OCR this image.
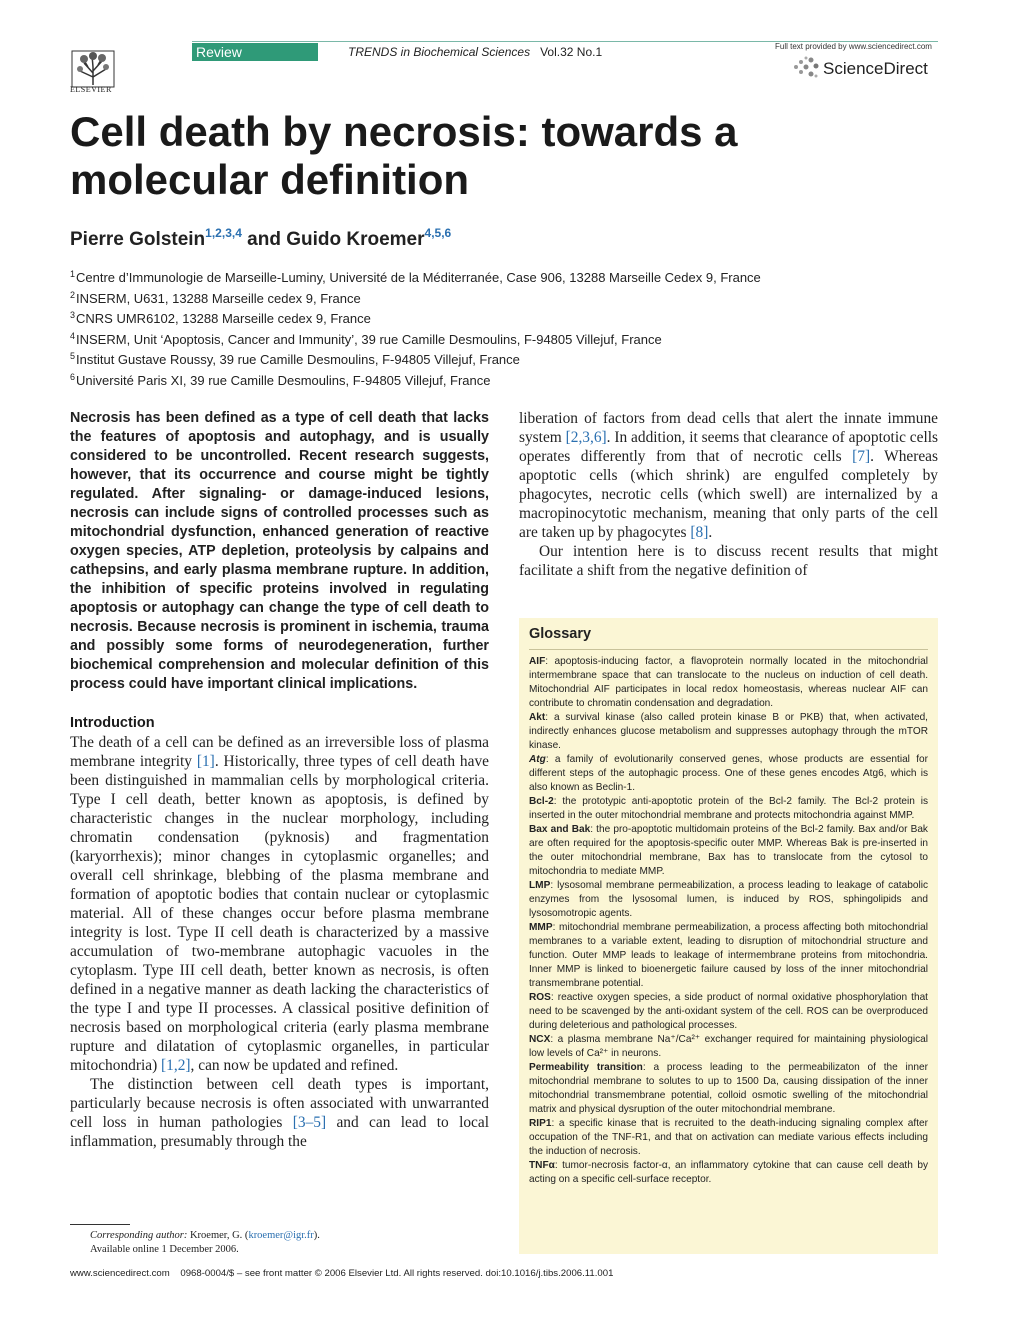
Review	TRENDS in Biochemical Sciences Vol.32 No.1
ELSEVIER
Full text provided by www.sciencedirect.com
ScienceDirect
Cell death by necrosis: towards a molecular definition
Pierre Golstein$^{1,2,3,4}$ and Guido Kroemer$^{4,5,6}$
$^1$Centre d’Immunologie de Marseille-Luminy, Université de la Méditerranée, Case 906, 13288 Marseille Cedex 9, France
$^2$INSERM, U631, 13288 Marseille cedex 9, France
$^3$CNRS UMR6102, 13288 Marseille cedex 9, France
$^4$INSERM, Unit ‘Apoptosis, Cancer and Immunity’, 39 rue Camille Desmoulins, F-94805 Villejuf, France
$^5$Institut Gustave Roussy, 39 rue Camille Desmoulins, F-94805 Villejuf, France
$^6$Université Paris XI, 39 rue Camille Desmoulins, F-94805 Villejuf, France

Necrosis has been defined as a type of cell death that lacks the features of apoptosis and autophagy, and is usually considered to be uncontrolled. Recent research suggests, however, that its occurrence and course might be tightly regulated. After signaling- or damage-induced lesions, necrosis can include signs of controlled processes such as mitochondrial dysfunction, enhanced generation of reactive oxygen species, ATP depletion, proteolysis by calpains and cathepsins, and early plasma membrane rupture. In addition, the inhibition of specific proteins involved in regulating apoptosis or autophagy can change the type of cell death to necrosis. Because necrosis is prominent in ischemia, trauma and possibly some forms of neurodegeneration, further biochemical comprehension and molecular definition of this process could have important clinical implications.

Introduction

The death of a cell can be defined as an irreversible loss of plasma membrane integrity [1]. Historically, three types of cell death have been distinguished in mammalian cells by morphological criteria. Type I cell death, better known as apoptosis, is defined by characteristic changes in the nuclear morphology, including chromatin condensation (pyknosis) and fragmentation (karyorrhexis); minor changes in cytoplasmic organelles; and overall cell shrinkage, blebbing of the plasma membrane and formation of apoptotic bodies that contain nuclear or cytoplasmic material. All of these changes occur before plasma membrane integrity is lost. Type II cell death is characterized by a massive accumulation of two-membrane autophagic vacuoles in the cytoplasm. Type III cell death, better known as necrosis, is often defined in a negative manner as death lacking the characteristics of the type I and type II processes. A classical positive definition of necrosis based on morphological criteria (early plasma membrane rupture and dilatation of cytoplasmic organelles, in particular mitochondria) [1,2], can now be updated and refined.

The distinction between cell death types is important, particularly because necrosis is often associated with unwarranted cell loss in human pathologies [3–5] and can lead to local inflammation, presumably through the

liberation of factors from dead cells that alert the innate immune system [2,3,6]. In addition, it seems that clearance of apoptotic cells operates differently from that of necrotic cells [7]. Whereas apoptotic cells (which shrink) are engulfed completely by phagocytes, necrotic cells (which swell) are internalized by a macropinocytotic mechanism, meaning that only parts of the cell are taken up by phagocytes [8].

Our intention here is to discuss recent results that might facilitate a shift from the negative definition of

Glossary

AIF: apoptosis-inducing factor, a flavoprotein normally located in the mitochondrial intermembrane space that can translocate to the nucleus on induction of cell death. Mitochondrial AIF participates in local redox homeostasis, whereas nuclear AIF can contribute to chromatin condensation and degradation.

Akt: a survival kinase (also called protein kinase B or PKB) that, when activated, indirectly enhances glucose metabolism and suppresses autophagy through the mTOR kinase.

Atg: a family of evolutionarily conserved genes, whose products are essential for different steps of the autophagic process. One of these genes encodes Atg6, which is also known as Beclin-1.

Bcl-2: the prototypic anti-apoptotic protein of the Bcl-2 family. The Bcl-2 protein is inserted in the outer mitochondrial membrane and protects mitochondria against MMP.

Bax and Bak: the pro-apoptotic multidomain proteins of the Bcl-2 family. Bax and/or Bak are often required for the apoptosis-specific outer MMP. Whereas Bak is pre-inserted in the outer mitochondrial membrane, Bax has to translocate from the cytosol to mitochondria to mediate MMP.

LMP: lysosomal membrane permeabilization, a process leading to leakage of catabolic enzymes from the lysosomal lumen, is induced by ROS, sphingolipids and lysosomotropic agents.

MMP: mitochondrial membrane permeabilization, a process affecting both mitochondrial membranes to a variable extent, leading to disruption of mitochondrial structure and function. Outer MMP leads to leakage of intermembrane proteins from mitochondria. Inner MMP is linked to bioenergetic failure caused by loss of the inner mitochondrial transmembrane potential.

ROS: reactive oxygen species, a side product of normal oxidative phosphorylation that need to be scavenged by the anti-oxidant system of the cell. ROS can be overproduced during deleterious and pathological processes.

NCX: a plasma membrane Na⁺/Ca²⁺ exchanger required for maintaining physiological low levels of Ca²⁺ in neurons.

Permeability transition: a process leading to the permeabilizaton of the inner mitochondrial membrane to solutes to up to 1500 Da, causing dissipation of the inner mitochondrial transmembrane potential, colloid osmotic swelling of the mitochondrial matrix and physical dysruption of the outer mitochondrial membrane.

RIP1: a specific kinase that is recruited to the death-inducing signaling complex after occupation of the TNF-R1, and that on activation can mediate various effects including the induction of necrosis.

TNFα: tumor-necrosis factor-α, an inflammatory cytokine that can cause cell death by acting on a specific cell-surface receptor.

Corresponding author: Kroemer, G. (kroemer@igr.fr).
Available online 1 December 2006.
www.sciencedirect.com 0968-0004/$ – see front matter © 2006 Elsevier Ltd. All rights reserved. doi:10.1016/j.tibs.2006.11.001
